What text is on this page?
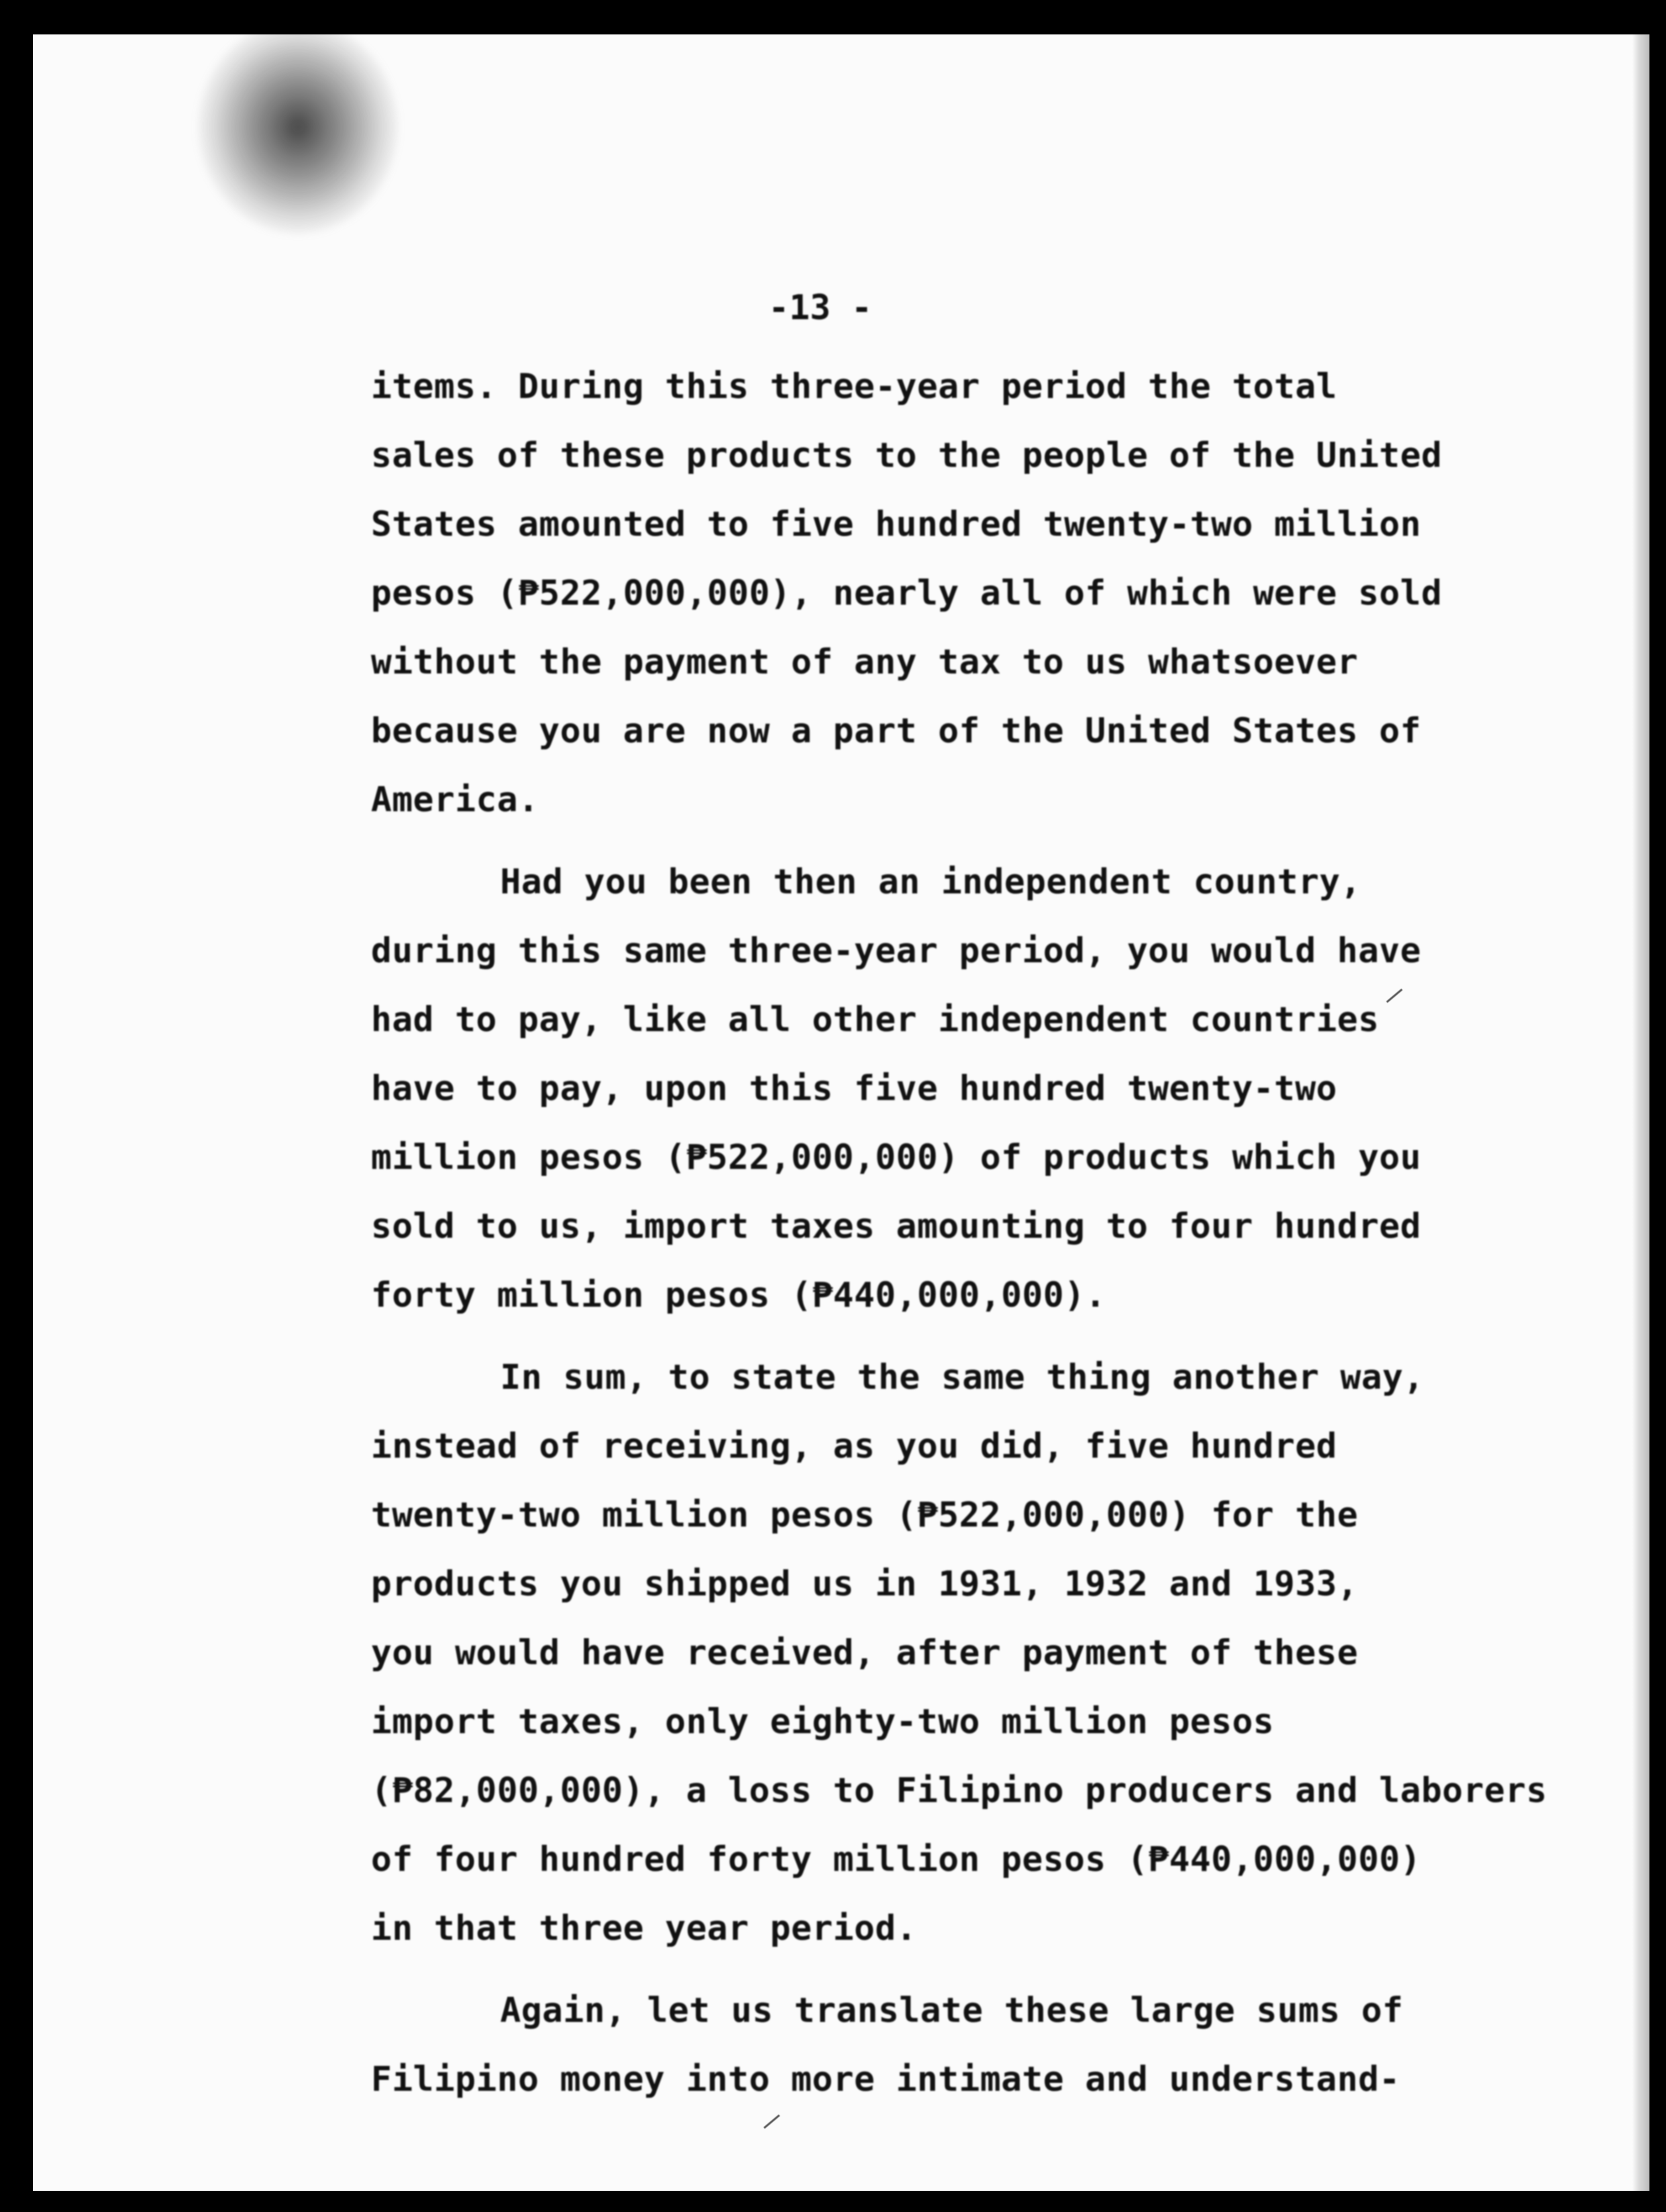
-13 -
items. During this three-year period the total
sales of these products to the people of the United
States amounted to five hundred twenty-two million
pesos (₱522,000,000), nearly all of which were sold
without the payment of any tax to us whatsoever
because you are now a part of the United States of
America.
Had you been then an independent country,
during this same three-year period, you would have
had to pay, like all other independent countries
have to pay, upon this five hundred twenty-two
million pesos (₱522,000,000) of products which you
sold to us, import taxes amounting to four hundred
forty million pesos (₱440,000,000).
In sum, to state the same thing another way,
instead of receiving, as you did, five hundred
twenty-two million pesos (₱522,000,000) for the
products you shipped us in 1931, 1932 and 1933,
you would have received, after payment of these
import taxes, only eighty-two million pesos
(₱82,000,000), a loss to Filipino producers and laborers
of four hundred forty million pesos (₱440,000,000)
in that three year period.
Again, let us translate these large sums of
Filipino money into more intimate and understand-
